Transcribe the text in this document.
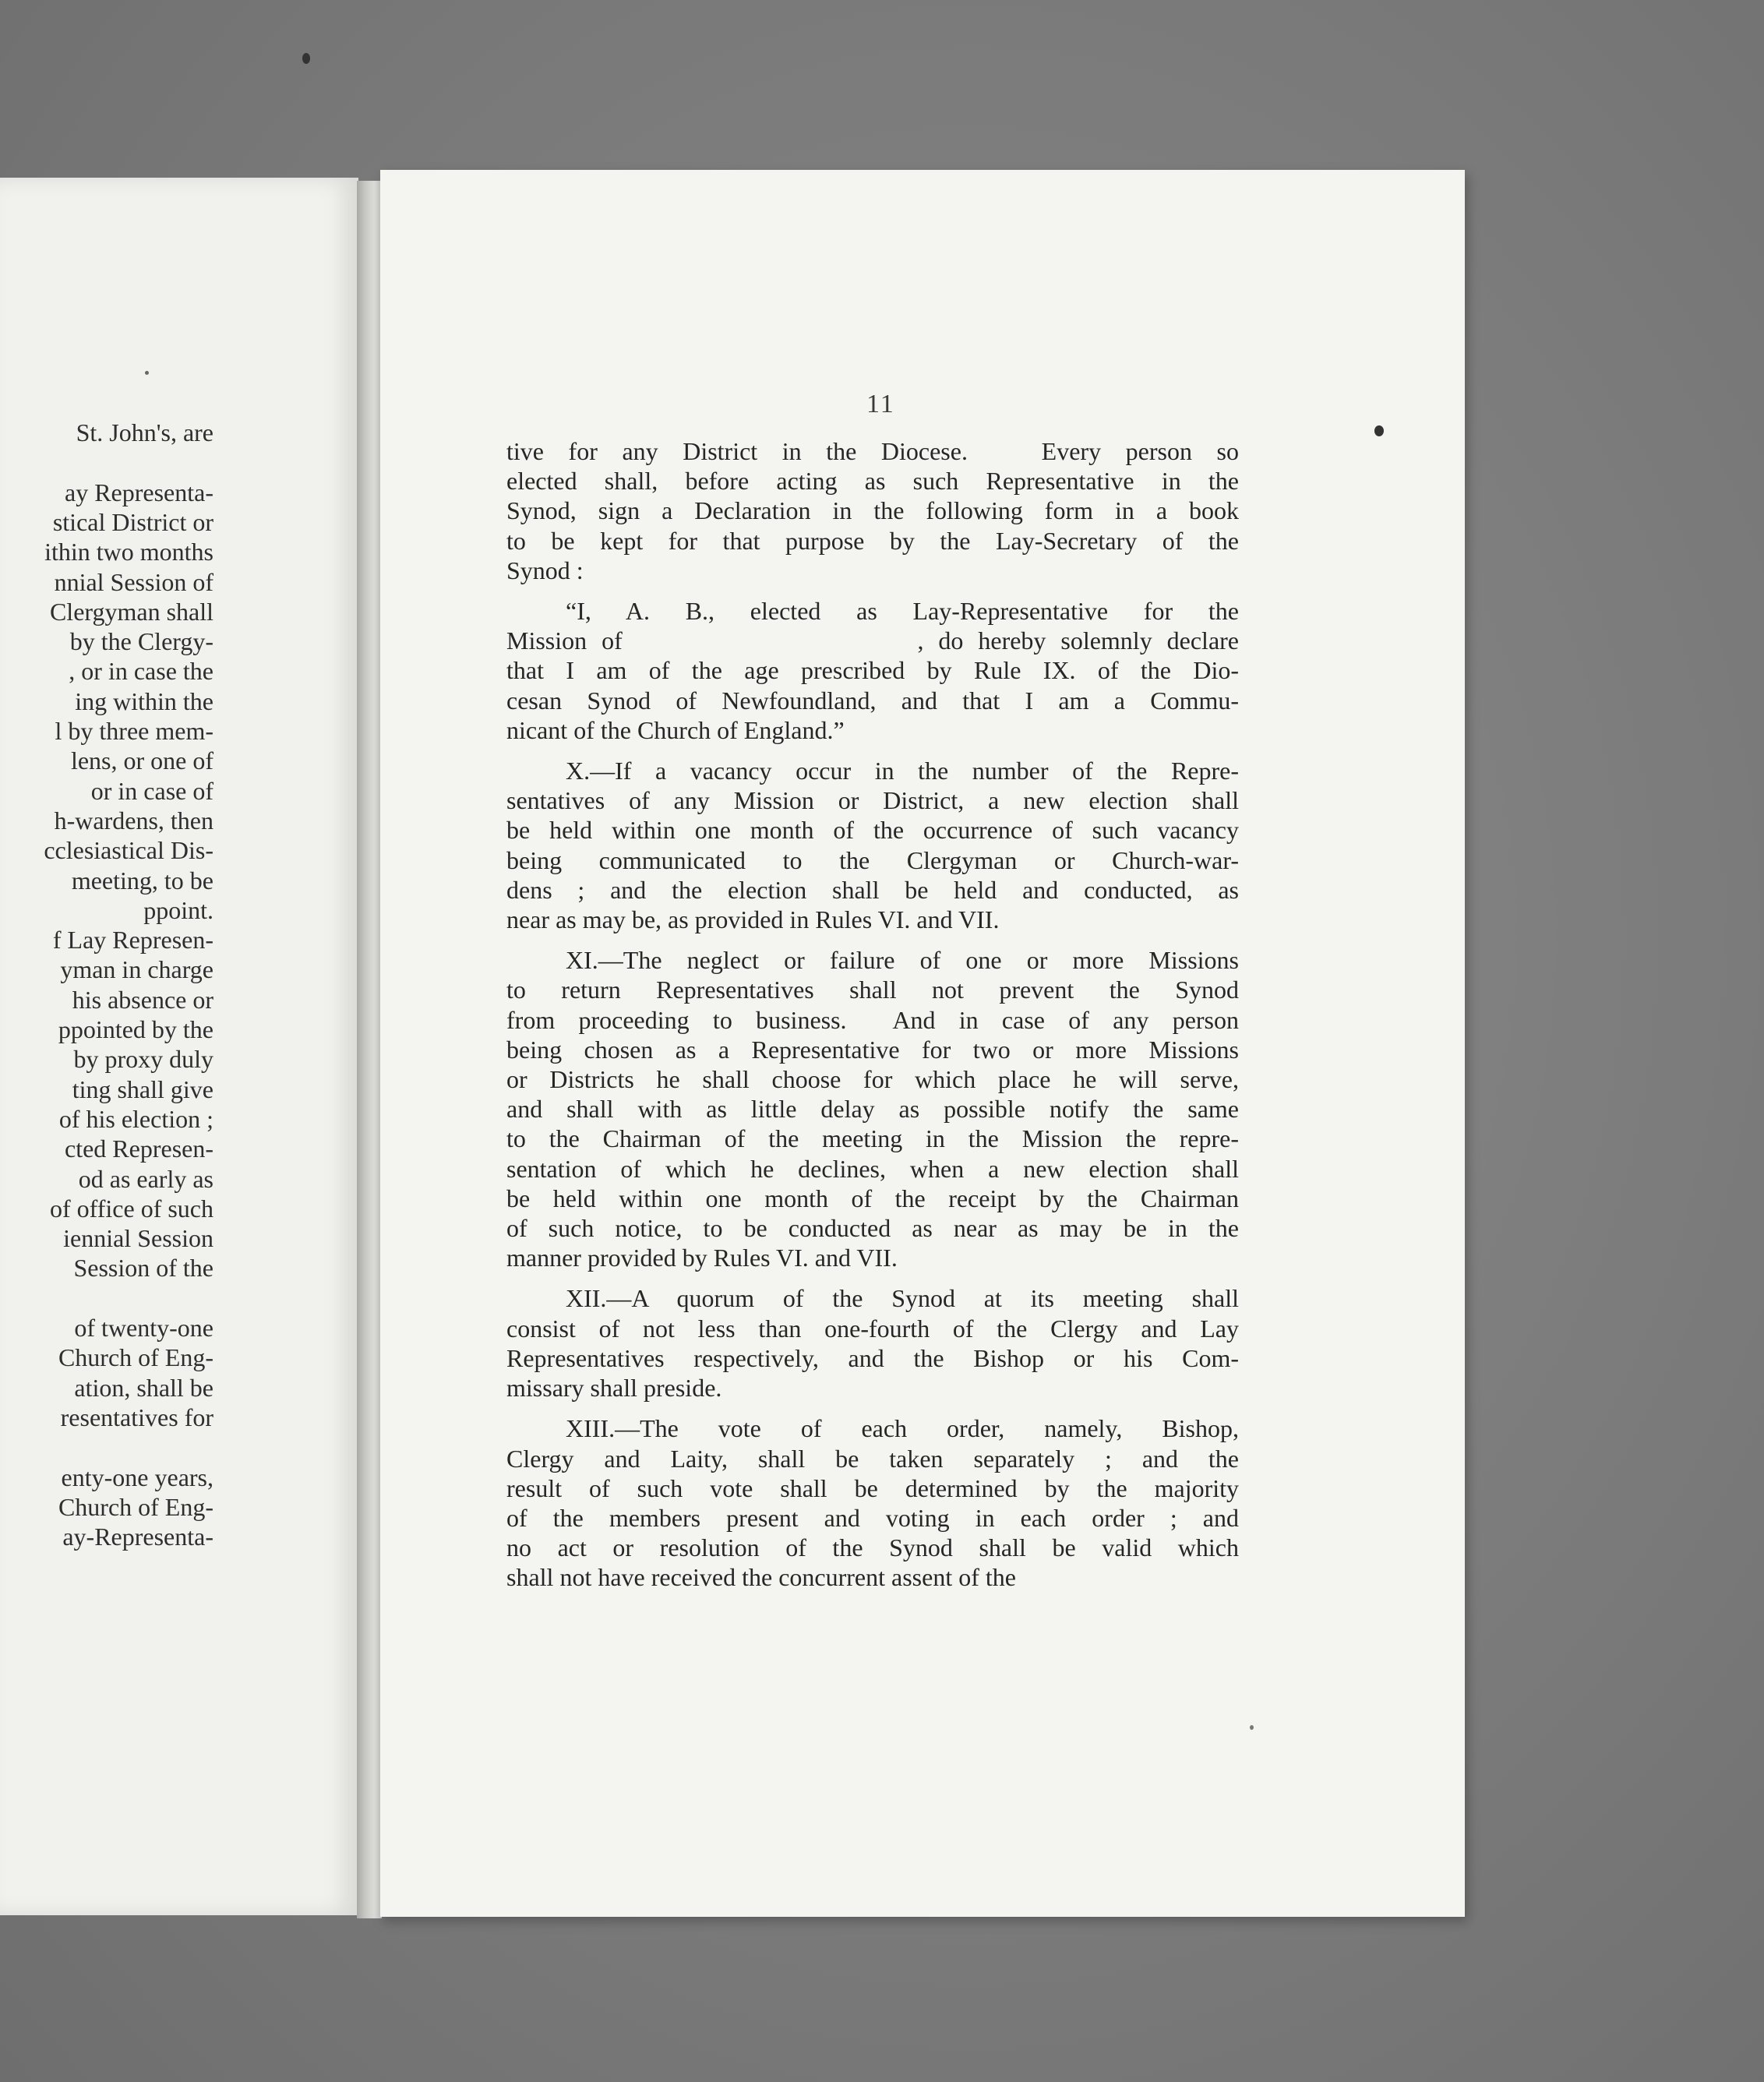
St. John's, are
ay Representa-
stical District or
ithin two months
nnial Session of
Clergyman shall
by the Clergy-
, or in case the
ing within the
l by three mem-
lens, or one of
or in case of
h-wardens, then
cclesiastical Dis-
meeting, to be
ppoint.
f Lay Represen-
yman in charge
his absence or
ppointed by the
by proxy duly
ting shall give
of his election ;
cted Represen-
od as early as
of office of such
iennial Session
Session of the
of twenty-one
Church of Eng-
ation, shall be
resentatives for
enty-one years,
Church of Eng-
ay-Representa-
11
tive for any District in the Diocese.   Every person so
elected shall, before acting as such Representative in the
Synod, sign a Declaration in the following form in a book
to be kept for that purpose by the Lay-Secretary of the
Synod :
“I, A. B., elected as Lay-Representative for the
Mission of                    , do hereby solemnly declare
that I am of the age prescribed by Rule IX. of the Dio-
cesan Synod of Newfoundland, and that I am a Commu-
nicant of the Church of England.”
X.—If a vacancy occur in the number of the Repre-
sentatives of any Mission or District, a new election shall
be held within one month of the occurrence of such vacancy
being communicated to the Clergyman or Church-war-
dens ; and the election shall be held and conducted, as
near as may be, as provided in Rules VI. and VII.
XI.—The neglect or failure of one or more Missions
to return Representatives shall not prevent the Synod
from proceeding to business.  And in case of any person
being chosen as a Representative for two or more Missions
or Districts he shall choose for which place he will serve,
and shall with as little delay as possible notify the same
to the Chairman of the meeting in the Mission the repre-
sentation of which he declines, when a new election shall
be held within one month of the receipt by the Chairman
of such notice, to be conducted as near as may be in the
manner provided by Rules VI. and VII.
XII.—A quorum of the Synod at its meeting shall
consist of not less than one-fourth of the Clergy and Lay
Representatives respectively, and the Bishop or his Com-
missary shall preside.
XIII.—The vote of each order, namely, Bishop,
Clergy and Laity, shall be taken separately ; and the
result of such vote shall be determined by the majority
of the members present and voting in each order ; and
no act or resolution of the Synod shall be valid which
shall not have received the concurrent assent of the
